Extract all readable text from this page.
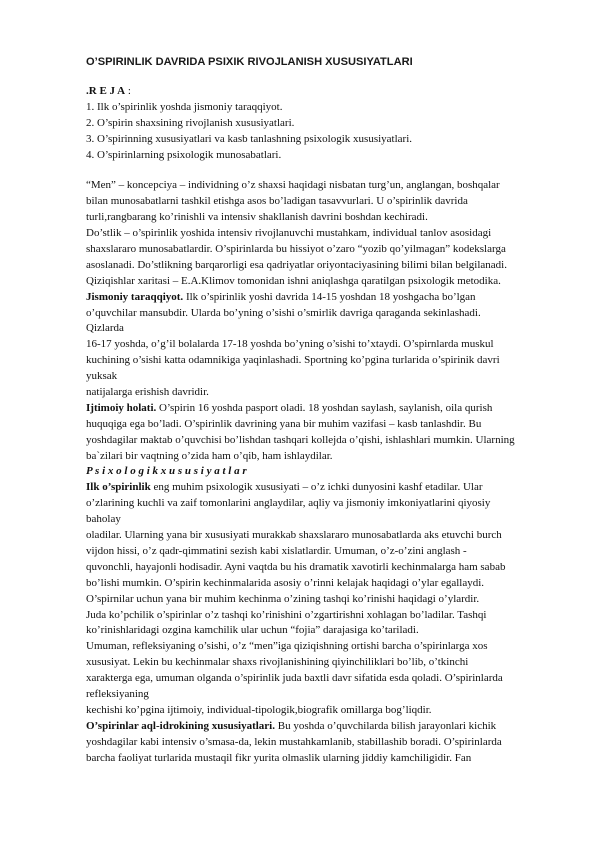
O’SPIRINLIK DAVRIDA PSIXIK RIVOJLANISH XUSUSIYATLARI
.R E J A :
1. Ilk o’spirinlik yoshda jismoniy taraqqiyot.
2. O’spirin shaxsining rivojlanish xususiyatlari.
3. O’spirinning xususiyatlari va kasb tanlashning psixologik xususiyatlari.
4. O’spirinlarning psixologik munosabatlari.
“Men” – koncepciya – individning o’z shaxsi haqidagi nisbatan turg’un, anglangan, boshqalar
bilan munosabatlarni tashkil etishga asos bo’ladigan tasavvurlari. U o’spirinlik davrida
turli,rangbarang ko’rinishli va intensiv shakllanish davrini boshdan kechiradi.
Do’stlik – o’spirinlik yoshida intensiv rivojlanuvchi mustahkam, individual tanlov asosidagi
shaxslararo munosabatlardir. O’spirinlarda bu hissiyot o’zaro “yozib qo’yilmagan” kodekslarga
asoslanadi. Do’stlikning barqarorligi esa qadriyatlar oriyontaciyasining bilimi bilan belgilanadi.
Qiziqishlar xaritasi – E.A.Klimov tomonidan ishni aniqlashga qaratilgan psixologik metodika.
Jismoniy taraqqiyot. Ilk o’spirinlik yoshi davrida 14-15 yoshdan 18 yoshgacha bo’lgan
o’quvchilar mansubdir. Ularda bo’yning o’sishi o’smirlik davriga qaraganda sekinlashadi.
Qizlarda
16-17 yoshda, o’g’il bolalarda 17-18 yoshda bo’yning o’sishi to’xtaydi. O’spirnlarda muskul
kuchining o’sishi katta odamnikiga yaqinlashadi. Sportning ko’pgina turlarida o’spirinik davri
yuksak
natijalarga erishish davridir.
Ijtimoiy holati. O’spirin 16 yoshda pasport oladi. 18 yoshdan saylash, saylanish, oila qurish
huquqiga ega bo’ladi. O’spirinlik davrining yana bir muhim vazifasi – kasb tanlashdir. Bu
yoshdagilar maktab o’quvchisi bo’lishdan tashqari kollejda o’qishi, ishlashlari mumkin. Ularning
ba`zilari bir vaqtning o’zida ham o’qib, ham ishlaydilar.
P s i x o l o g i k x u s u s i y a t l a r
Ilk o’spirinlik eng muhim psixologik xususiyati – o’z ichki dunyosini kashf etadilar. Ular
o’zlarining kuchli va zaif tomonlarini anglaydilar, aqliy va jismoniy imkoniyatlarini qiyosiy
baholay
oladilar. Ularning yana bir xususiyati murakkab shaxslararo munosabatlarda aks etuvchi burch
vijdon hissi, o’z qadr-qimmatini sezish kabi xislatlardir. Umuman, o’z-o’zini anglash -
quvonchli, hayajonli hodisadir. Ayni vaqtda bu his dramatik xavotirli kechinmalarga ham sabab
bo’lishi mumkin. O’spirin kechinmalarida asosiy o’rinni kelajak haqidagi o’ylar egallaydi.
O’spirnilar uchun yana bir muhim kechinma o’zining tashqi ko’rinishi haqidagi o’ylardir.
Juda ko’pchilik o’spirinlar o’z tashqi ko’rinishini o’zgartirishni xohlagan bo’ladilar. Tashqi
ko’rinishlaridagi ozgina kamchilik ular uchun “fojia” darajasiga ko’tariladi.
Umuman, refleksiyaning o’sishi, o’z “men”iga qiziqishning ortishi barcha o’spirinlarga xos
xususiyat. Lekin bu kechinmalar shaxs rivojlanishining qiyinchiliklari bo’lib, o’tkinchi
xarakterga ega, umuman olganda o’spirinlik juda baxtli davr sifatida esda qoladi. O’spirinlarda
refleksiyaning
kechishi ko’pgina ijtimoiy, individual-tipologik,biografik omillarga bog’liqdir.
O’spirinlar aql-idrokining xususiyatlari. Bu yoshda o’quvchilarda bilish jarayonlari kichik
yoshdagilar kabi intensiv o’smasa-da, lekin mustahkamlanib, stabillashib boradi. O’spirinlarda
barcha faoliyat turlarida mustaqil fikr yurita olmaslik ularning jiddiy kamchiligidir. Fan
